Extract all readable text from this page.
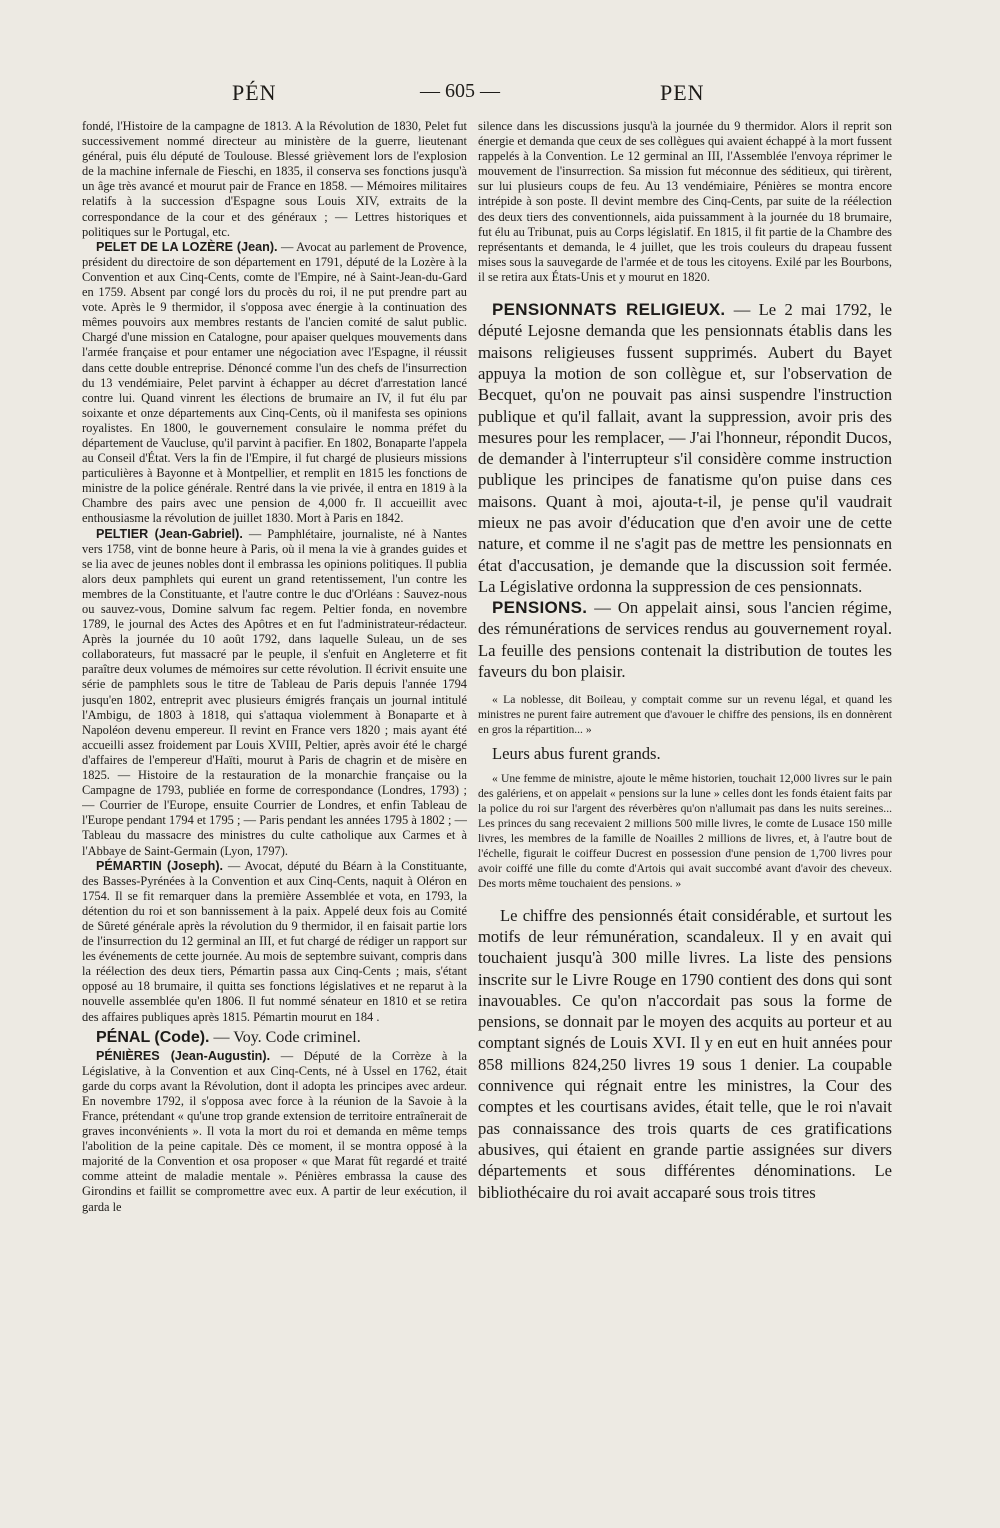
PÉN	— 605 —	PEN

fondé, l'Histoire de la campagne de 1813. A la Révolution de 1830, Pelet fut successivement nommé directeur au ministère de la guerre, lieutenant général, puis élu député de Toulouse. Blessé grièvement lors de l'explosion de la machine infernale de Fieschi, en 1835, il conserva ses fonctions jusqu'à un âge très avancé et mourut pair de France en 1858. — Mémoires militaires relatifs à la succession d'Espagne sous Louis XIV, extraits de la correspondance de la cour et des généraux ; — Lettres historiques et politiques sur le Portugal, etc.

PELET DE LA LOZÈRE (Jean). — Avocat au parlement de Provence, président du directoire de son département en 1791, député de la Lozère à la Convention et aux Cinq-Cents, comte de l'Empire, né à Saint-Jean-du-Gard en 1759. Absent par congé lors du procès du roi, il ne put prendre part au vote. Après le 9 thermidor, il s'opposa avec énergie à la continuation des mêmes pouvoirs aux membres restants de l'ancien comité de salut public. Chargé d'une mission en Catalogne, pour apaiser quelques mouvements dans l'armée française et pour entamer une négociation avec l'Espagne, il réussit dans cette double entreprise. Dénoncé comme l'un des chefs de l'insurrection du 13 vendémiaire, Pelet parvint à échapper au décret d'arrestation lancé contre lui. Quand vinrent les élections de brumaire an IV, il fut élu par soixante et onze départements aux Cinq-Cents, où il manifesta ses opinions royalistes. En 1800, le gouvernement consulaire le nomma préfet du département de Vaucluse, qu'il parvint à pacifier. En 1802, Bonaparte l'appela au Conseil d'État. Vers la fin de l'Empire, il fut chargé de plusieurs missions particulières à Bayonne et à Montpellier, et remplit en 1815 les fonctions de ministre de la police générale. Rentré dans la vie privée, il entra en 1819 à la Chambre des pairs avec une pension de 4,000 fr. Il accueillit avec enthousiasme la révolution de juillet 1830. Mort à Paris en 1842.

PELTIER (Jean-Gabriel). — Pamphlétaire, journaliste, né à Nantes vers 1758, vint de bonne heure à Paris, où il mena la vie à grandes guides et se lia avec de jeunes nobles dont il embrassa les opinions politiques. Il publia alors deux pamphlets qui eurent un grand retentissement, l'un contre les membres de la Constituante, et l'autre contre le duc d'Orléans : Sauvez-nous ou sauvez-vous, Domine salvum fac regem. Peltier fonda, en novembre 1789, le journal des Actes des Apôtres et en fut l'administrateur-rédacteur. Après la journée du 10 août 1792, dans laquelle Suleau, un de ses collaborateurs, fut massacré par le peuple, il s'enfuit en Angleterre et fit paraître deux volumes de mémoires sur cette révolution. Il écrivit ensuite une série de pamphlets sous le titre de Tableau de Paris depuis l'année 1794 jusqu'en 1802, entreprit avec plusieurs émigrés français un journal intitulé l'Ambigu, de 1803 à 1818, qui s'attaqua violemment à Bonaparte et à Napoléon devenu empereur. Il revint en France vers 1820 ; mais ayant été accueilli assez froidement par Louis XVIII, Peltier, après avoir été le chargé d'affaires de l'empereur d'Haïti, mourut à Paris de chagrin et de misère en 1825. — Histoire de la restauration de la monarchie française ou la Campagne de 1793, publiée en forme de correspondance (Londres, 1793) ; — Courrier de l'Europe, ensuite Courrier de Londres, et enfin Tableau de l'Europe pendant 1794 et 1795 ; — Paris pendant les années 1795 à 1802 ; — Tableau du massacre des ministres du culte catholique aux Carmes et à l'Abbaye de Saint-Germain (Lyon, 1797).

PÉMARTIN (Joseph). — Avocat, député du Béarn à la Constituante, des Basses-Pyrénées à la Convention et aux Cinq-Cents, naquit à Oléron en 1754. Il se fit remarquer dans la première Assemblée et vota, en 1793, la détention du roi et son bannissement à la paix. Appelé deux fois au Comité de Sûreté générale après la révolution du 9 thermidor, il en faisait partie lors de l'insurrection du 12 germinal an III, et fut chargé de rédiger un rapport sur les événements de cette journée. Au mois de septembre suivant, compris dans la réélection des deux tiers, Pémartin passa aux Cinq-Cents ; mais, s'étant opposé au 18 brumaire, il quitta ses fonctions législatives et ne reparut à la nouvelle assemblée qu'en 1806. Il fut nommé sénateur en 1810 et se retira des affaires publiques après 1815. Pémartin mourut en 184 .

PÉNAL (Code). — Voy. Code criminel.

PÉNIÈRES (Jean-Augustin). — Député de la Corrèze à la Législative, à la Convention et aux Cinq-Cents, né à Ussel en 1762, était garde du corps avant la Révolution, dont il adopta les principes avec ardeur. En novembre 1792, il s'opposa avec force à la réunion de la Savoie à la France, prétendant « qu'une trop grande extension de territoire entraînerait de graves inconvénients ». Il vota la mort du roi et demanda en même temps l'abolition de la peine capitale. Dès ce moment, il se montra opposé à la majorité de la Convention et osa proposer « que Marat fût regardé et traité comme atteint de maladie mentale ». Pénières embrassa la cause des Girondins et faillit se compromettre avec eux. A partir de leur exécution, il garda le

silence dans les discussions jusqu'à la journée du 9 thermidor. Alors il reprit son énergie et demanda que ceux de ses collègues qui avaient échappé à la mort fussent rappelés à la Convention. Le 12 germinal an III, l'Assemblée l'envoya réprimer le mouvement de l'insurrection. Sa mission fut méconnue des séditieux, qui tirèrent, sur lui plusieurs coups de feu. Au 13 vendémiaire, Pénières se montra encore intrépide à son poste. Il devint membre des Cinq-Cents, par suite de la réélection des deux tiers des conventionnels, aida puissamment à la journée du 18 brumaire, fut élu au Tribunat, puis au Corps législatif. En 1815, il fit partie de la Chambre des représentants et demanda, le 4 juillet, que les trois couleurs du drapeau fussent mises sous la sauvegarde de l'armée et de tous les citoyens. Exilé par les Bourbons, il se retira aux États-Unis et y mourut en 1820.

PENSIONNATS RELIGIEUX. — Le 2 mai 1792, le député Lejosne demanda que les pensionnats établis dans les maisons religieuses fussent supprimés. Aubert du Bayet appuya la motion de son collègue et, sur l'observation de Becquet, qu'on ne pouvait pas ainsi suspendre l'instruction publique et qu'il fallait, avant la suppression, avoir pris des mesures pour les remplacer, — J'ai l'honneur, répondit Ducos, de demander à l'interrupteur s'il considère comme instruction publique les principes de fanatisme qu'on puise dans ces maisons. Quant à moi, ajouta-t-il, je pense qu'il vaudrait mieux ne pas avoir d'éducation que d'en avoir une de cette nature, et comme il ne s'agit pas de mettre les pensionnats en état d'accusation, je demande que la discussion soit fermée. La Législative ordonna la suppression de ces pensionnats.

PENSIONS. — On appelait ainsi, sous l'ancien régime, des rémunérations de services rendus au gouvernement royal. La feuille des pensions contenait la distribution de toutes les faveurs du bon plaisir.

« La noblesse, dit Boileau, y comptait comme sur un revenu légal, et quand les ministres ne purent faire autrement que d'avouer le chiffre des pensions, ils en donnèrent en gros la répartition... »

Leurs abus furent grands.

« Une femme de ministre, ajoute le même historien, touchait 12,000 livres sur le pain des galériens, et on appelait « pensions sur la lune » celles dont les fonds étaient faits par la police du roi sur l'argent des réverbères qu'on n'allumait pas dans les nuits sereines... Les princes du sang recevaient 2 millions 500 mille livres, le comte de Lusace 150 mille livres, les membres de la famille de Noailles 2 millions de livres, et, à l'autre bout de l'échelle, figurait le coiffeur Ducrest en possession d'une pension de 1,700 livres pour avoir coiffé une fille du comte d'Artois qui avait succombé avant d'avoir des cheveux. Des morts même touchaient des pensions. »

Le chiffre des pensionnés était considérable, et surtout les motifs de leur rémunération, scandaleux. Il y en avait qui touchaient jusqu'à 300 mille livres. La liste des pensions inscrite sur le Livre Rouge en 1790 contient des dons qui sont inavouables. Ce qu'on n'accordait pas sous la forme de pensions, se donnait par le moyen des acquits au porteur et au comptant signés de Louis XVI. Il y en eut en huit années pour 858 millions 824,250 livres 19 sous 1 denier. La coupable connivence qui régnait entre les ministres, la Cour des comptes et les courtisans avides, était telle, que le roi n'avait pas connaissance des trois quarts de ces gratifications abusives, qui étaient en grande partie assignées sur divers départements et sous différentes dénominations. Le bibliothécaire du roi avait accaparé sous trois titres
